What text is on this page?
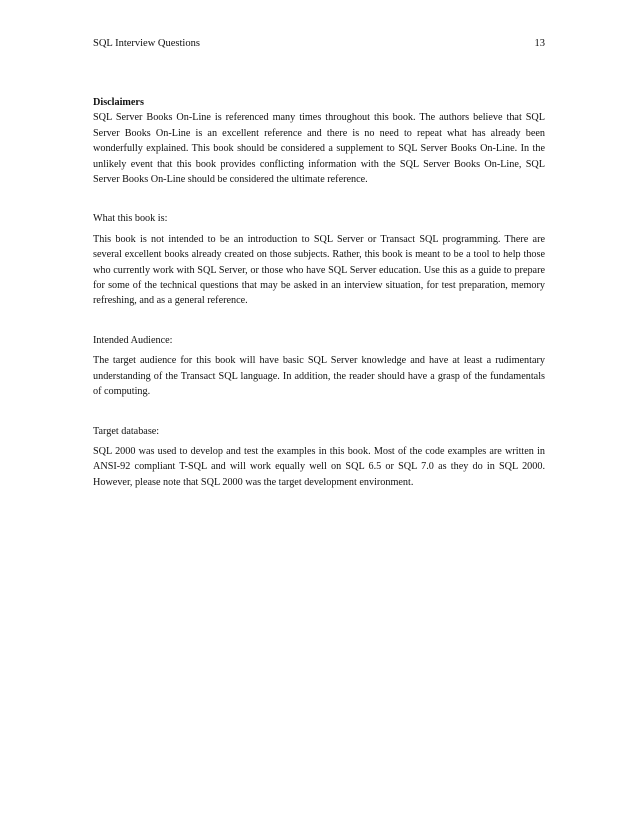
SQL Interview Questions	13

Disclaimers

SQL Server Books On-Line is referenced many times throughout this book. The authors believe that SQL Server Books On-Line is an excellent reference and there is no need to repeat what has already been wonderfully explained. This book should be considered a supplement to SQL Server Books On-Line. In the unlikely event that this book provides conflicting information with the SQL Server Books On-Line, SQL Server Books On-Line should be considered the ultimate reference.

What this book is:

This book is not intended to be an introduction to SQL Server or Transact SQL programming. There are several excellent books already created on those subjects. Rather, this book is meant to be a tool to help those who currently work with SQL Server, or those who have SQL Server education. Use this as a guide to prepare for some of the technical questions that may be asked in an interview situation, for test preparation, memory refreshing, and as a general reference.

Intended Audience:

The target audience for this book will have basic SQL Server knowledge and have at least a rudimentary understanding of the Transact SQL language. In addition, the reader should have a grasp of the fundamentals of computing.

Target database:

SQL 2000 was used to develop and test the examples in this book. Most of the code examples are written in ANSI-92 compliant T-SQL and will work equally well on SQL 6.5 or SQL 7.0 as they do in SQL 2000. However, please note that SQL 2000 was the target development environment.
